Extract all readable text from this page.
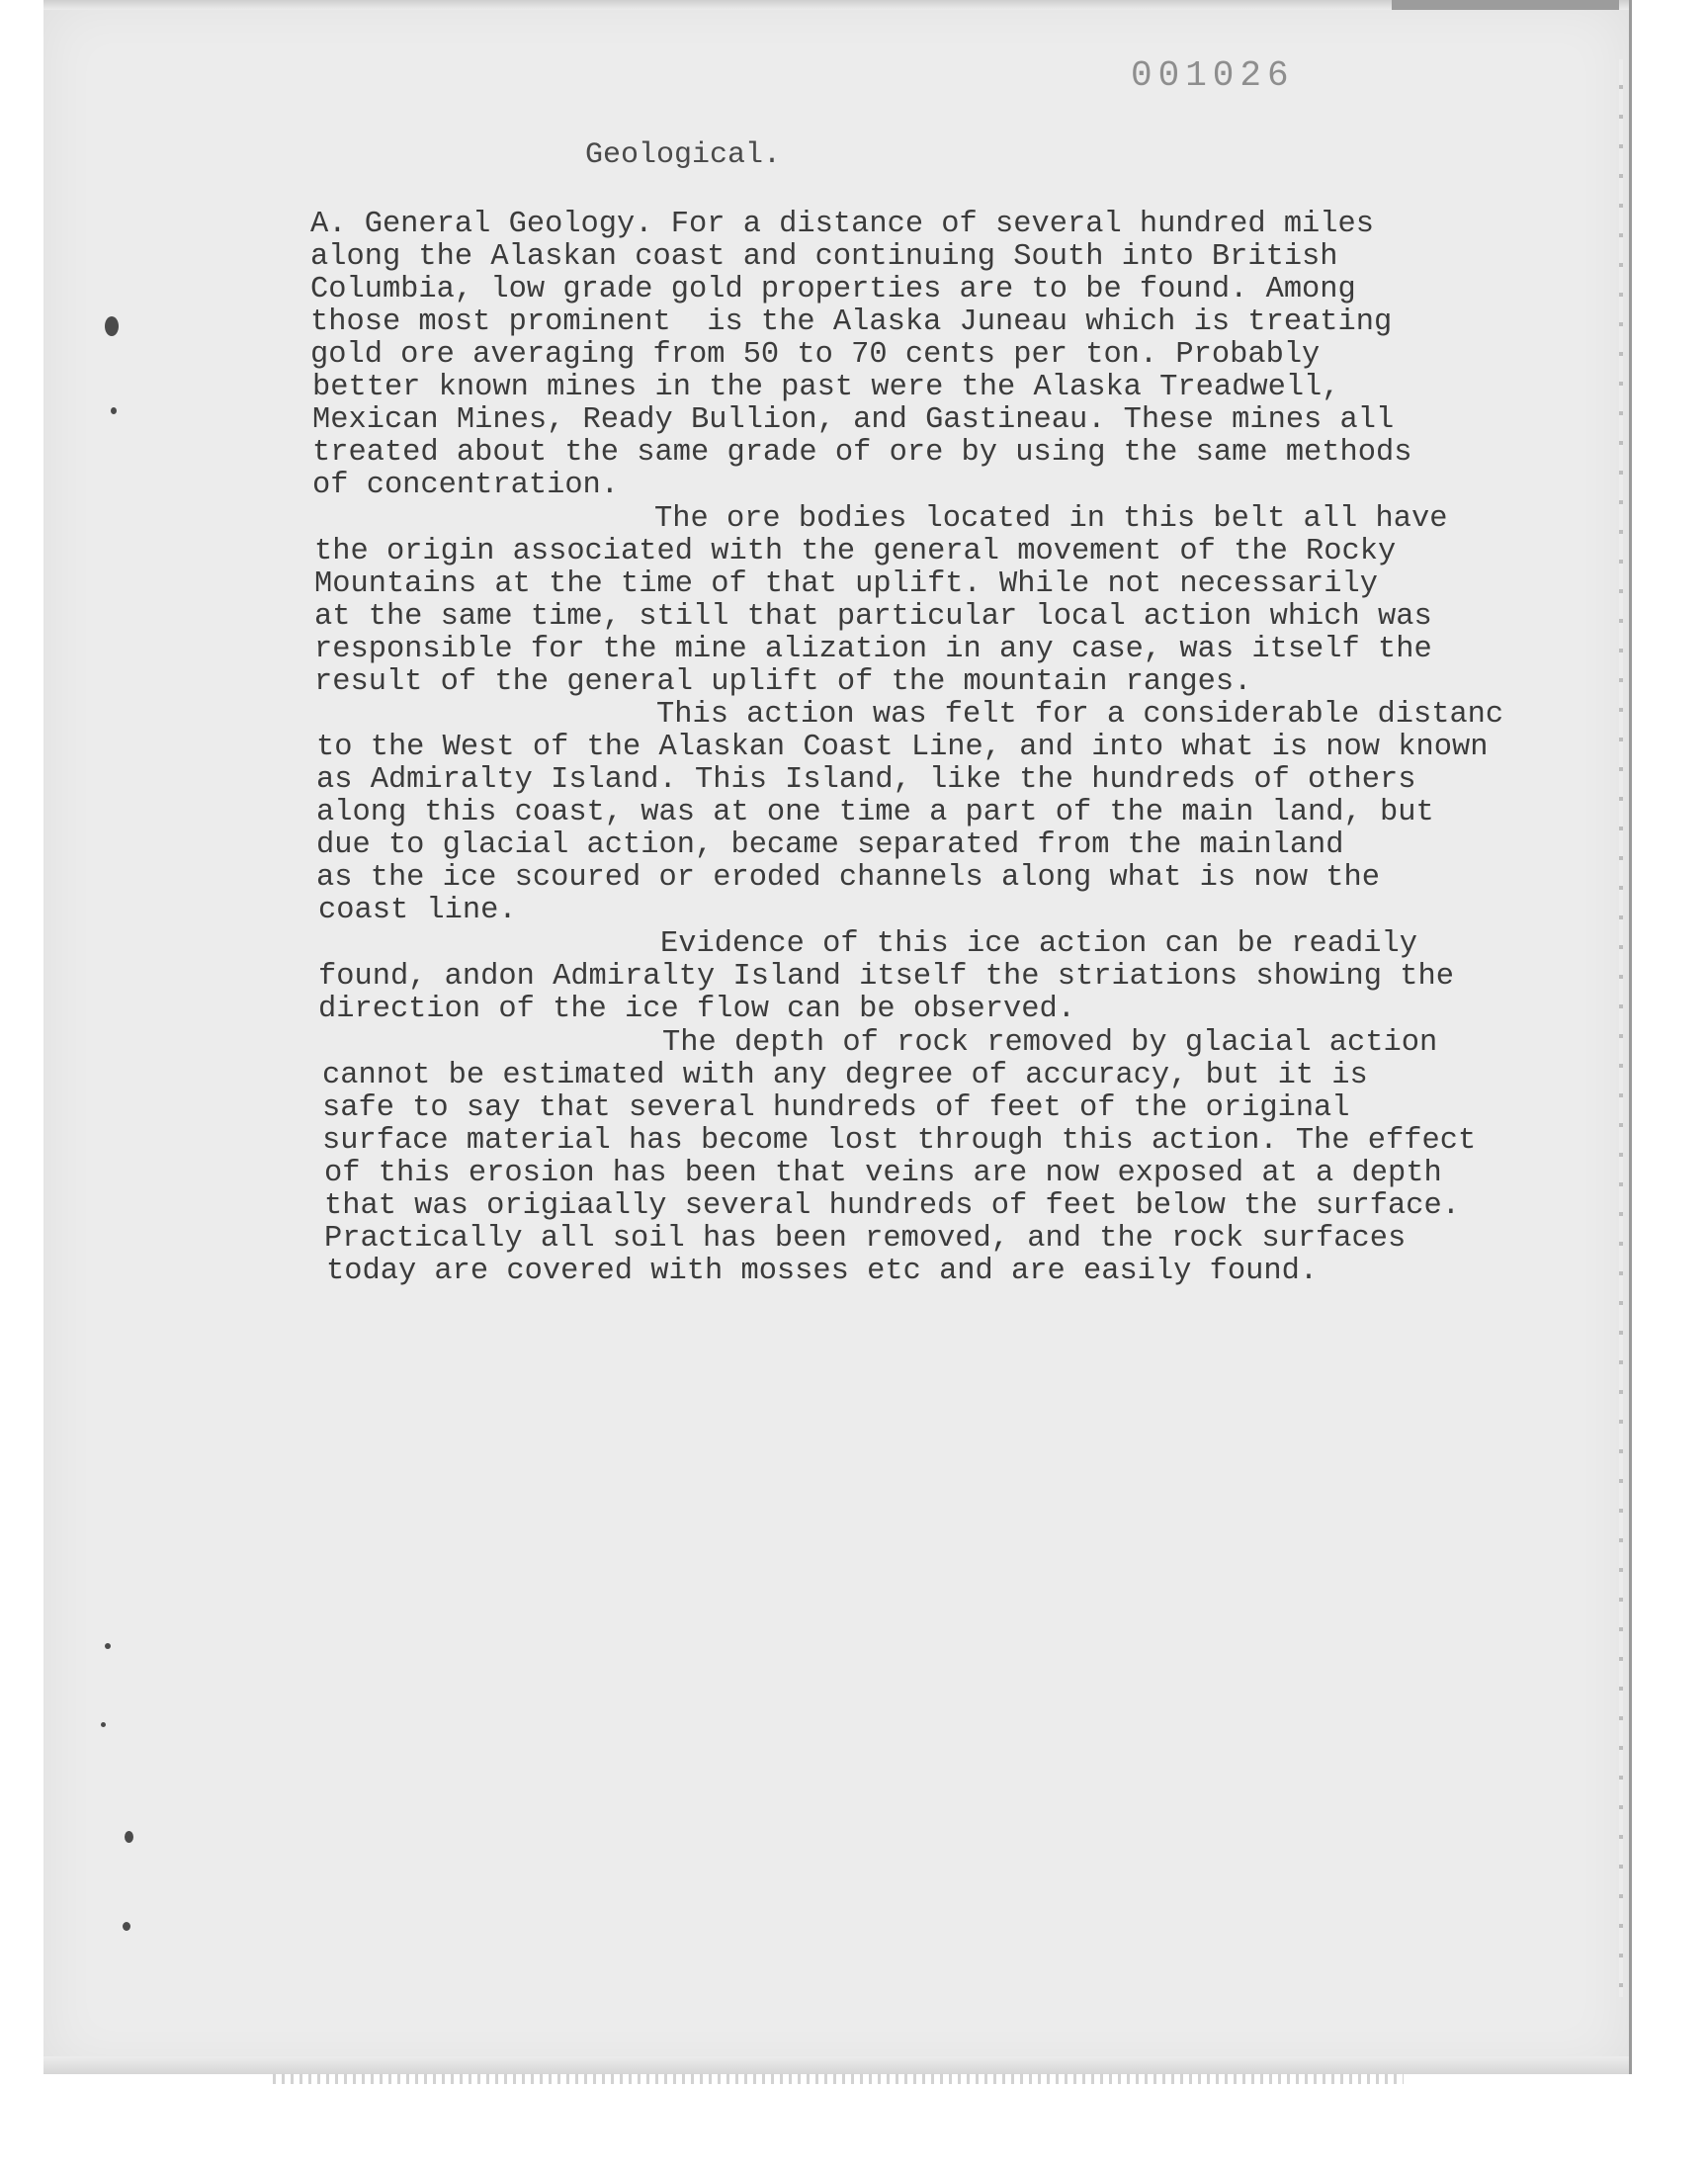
001026
Geological.
A. General Geology. For a distance of several hundred miles
along the Alaskan coast and continuing South into British
Columbia, low grade gold properties are to be found. Among
those most prominent  is the Alaska Juneau which is treating
gold ore averaging from 50 to 70 cents per ton. Probably
better known mines in the past were the Alaska Treadwell,
Mexican Mines, Ready Bullion, and Gastineau. These mines all
treated about the same grade of ore by using the same methods
of concentration.
The ore bodies located in this belt all have
the origin associated with the general movement of the Rocky
Mountains at the time of that uplift. While not necessarily
at the same time, still that particular local action which was
responsible for the mine alization in any case, was itself the
result of the general uplift of the mountain ranges.
This action was felt for a considerable distanc
to the West of the Alaskan Coast Line, and into what is now known
as Admiralty Island. This Island, like the hundreds of others
along this coast, was at one time a part of the main land, but
due to glacial action, became separated from the mainland
as the ice scoured or eroded channels along what is now the
coast line.
Evidence of this ice action can be readily
found, andon Admiralty Island itself the striations showing the
direction of the ice flow can be observed.
The depth of rock removed by glacial action
cannot be estimated with any degree of accuracy, but it is
safe to say that several hundreds of feet of the original
surface material has become lost through this action. The effect
of this erosion has been that veins are now exposed at a depth
that was origiaally several hundreds of feet below the surface.
Practically all soil has been removed, and the rock surfaces
today are covered with mosses etc and are easily found.
